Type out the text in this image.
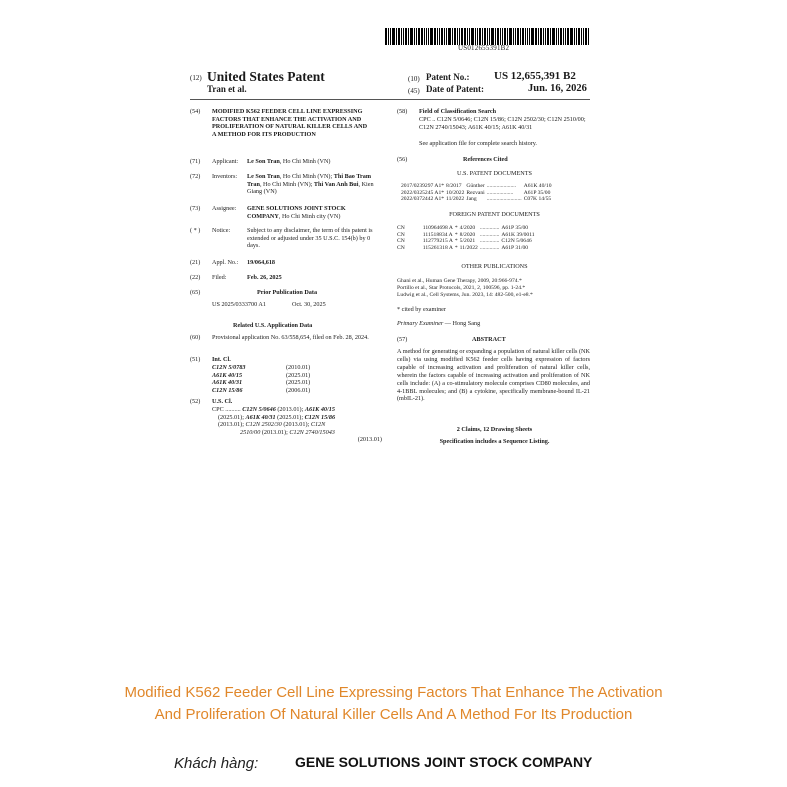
US012655391B2
(12) United States Patent
Tran et al.
(10) Patent No.: US 12,655,391 B2
(45) Date of Patent:	Jun. 16, 2026
(54) MODIFIED K562 FEEDER CELL LINE EXPRESSING FACTORS THAT ENHANCE THE ACTIVATION AND PROLIFERATION OF NATURAL KILLER CELLS AND A METHOD FOR ITS PRODUCTION
(71) Applicant: Le Son Tran, Ho Chi Minh (VN)
(72) Inventors: Le Son Tran, Ho Chi Minh (VN); Thi Bao Tram Tran, Ho Chi Minh (VN); Thi Van Anh Bui, Kien Giang (VN)
(73) Assignee: GENE SOLUTIONS JOINT STOCK COMPANY, Ho Chi Minh city (VN)
( * ) Notice:	Subject to any disclaimer, the term of this patent is extended or adjusted under 35 U.S.C. 154(b) by 0 days.
(21) Appl. No.: 19/064,618
(22) Filed:	Feb. 26, 2025
(65)	Prior Publication Data
US 2025/0333700 A1	Oct. 30, 2025
Related U.S. Application Data
(60) Provisional application No. 63/558,654, filed on Feb. 28, 2024.
(51) Int. Cl.
C12N 5/0783	(2010.01)
A61K 40/15	(2025.01)
A61K 40/31	(2025.01)
C12N 15/86	(2006.01)
(52) U.S. Cl.
CPC .......... C12N 5/0646 (2013.01); A61K 40/15
(2025.01); A61K 40/31 (2025.01); C12N 15/86
(2013.01); C12N 2502/30 (2013.01); C12N
2510/00 (2013.01); C12N 2740/15043
(2013.01)
(58) Field of Classification Search
CPC .. C12N 5/0646; C12N 15/86; C12N 2502/30; C12N 2510/00; C12N 2740/15043; A61K 40/15; A61K 40/31
See application file for complete search history.
(56)	References Cited
U.S. PATENT DOCUMENTS
2017/0239297 A1*	8/2017	Günther	.....................	A61K 40/10
2022/0325245 A1*	10/2022	Rezvani	...................	A61P 35/00
2022/0372442 A1*	11/2022	Jang	.........................	C07K 14/55
FOREIGN PATENT DOCUMENTS
CN	110964698 A	*	4/2020	..............	A61P 35/00
CN	111518834 A	*	8/2020	..............	A61K 39/0011
CN	112779215 A	*	5/2021	..............	C12N 5/0646
CN	115261318 A	*	11/2022	..............	A61P 31/00
OTHER PUBLICATIONS
Ghani et al., Human Gene Therapy, 2009, 20:966-974.*
Portillo et al., Star Protocols, 2021, 2, 100596, pp. 1-24.*
Ludwig et al., Cell Systems, Jun. 2023, 14: 482-500, e1-e8.*
* cited by examiner
Primary Examiner — Hong Sang
(57)	ABSTRACT
A method for generating or expanding a population of natural killer cells (NK cells) via using modified K562 feeder cells having expression of factors capable of increasing activation and proliferation of natural killer cells, wherein the factors capable of increasing activation and proliferation of NK cells include: (A) a co-stimulatory molecule comprises CD80 molecules, and 4-1BBL molecules; and (B) a cytokine, specifically membrane-bound IL-21 (mbIL-21).
2 Claims, 12 Drawing Sheets
Specification includes a Sequence Listing.
Modified K562 Feeder Cell Line Expressing Factors That Enhance The Activation
And Proliferation Of Natural Killer Cells And A Method For Its Production
Khách hàng:	GENE SOLUTIONS JOINT STOCK COMPANY
